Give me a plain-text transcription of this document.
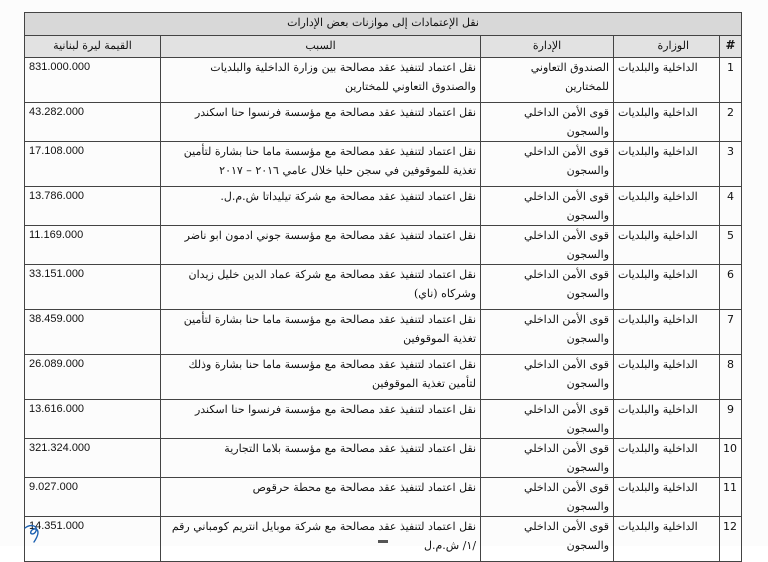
نقل الإعتمادات إلى موازنات بعض الإدارات				
#	الوزارة	الإدارة	السبب	القيمة ليرة لبنانية
1	الداخلية والبلديات	الصندوق التعاوني للمختارين	نقل اعتماد لتنفيذ عقد مصالحة بين وزارة الداخلية والبلديات والصندوق التعاوني للمختارين	831.000.000
2	الداخلية والبلديات	قوى الأمن الداخلي والسجون	نقل اعتماد لتنفيذ عقد مصالحة مع مؤسسة فرنسوا حنا اسكندر	43.282.000
3	الداخلية والبلديات	قوى الأمن الداخلي والسجون	نقل اعتماد لتنفيذ عقد مصالحة مع مؤسسة ماما حنا بشارة لتأمين تغذية للموقوفين في سجن حليا خلال عامي ٢٠١٦ – ٢٠١٧	17.108.000
4	الداخلية والبلديات	قوى الأمن الداخلي والسجون	نقل اعتماد لتنفيذ عقد مصالحة مع شركة تيليداتا ش.م.ل.	13.786.000
5	الداخلية والبلديات	قوى الأمن الداخلي والسجون	نقل اعتماد لتنفيذ عقد مصالحة مع مؤسسة جوني ادمون ابو ناضر	11.169.000
6	الداخلية والبلديات	قوى الأمن الداخلي والسجون	نقل اعتماد لتنفيذ عقد مصالحة مع شركة عماد الدين خليل زيدان وشركاه (ناي)	33.151.000
7	الداخلية والبلديات	قوى الأمن الداخلي والسجون	نقل اعتماد لتنفيذ عقد مصالحة مع مؤسسة ماما حنا بشارة لتأمين تغذية الموقوفين	38.459.000
8	الداخلية والبلديات	قوى الأمن الداخلي والسجون	نقل اعتماد لتنفيذ عقد مصالحة مع مؤسسة ماما حنا بشارة وذلك لتأمين تغذية الموقوفين	26.089.000
9	الداخلية والبلديات	قوى الأمن الداخلي والسجون	نقل اعتماد لتنفيذ عقد مصالحة مع مؤسسة فرنسوا حنا اسكندر	13.616.000
10	الداخلية والبلديات	قوى الأمن الداخلي والسجون	نقل اعتماد لتنفيذ عقد مصالحة مع مؤسسة بلاما التجارية	321.324.000
11	الداخلية والبلديات	قوى الأمن الداخلي والسجون	نقل اعتماد لتنفيذ عقد مصالحة مع محطة حرقوص	9.027.000
12	الداخلية والبلديات	قوى الأمن الداخلي والسجون	نقل اعتماد لتنفيذ عقد مصالحة مع شركة موبايل انتريم كومباني رقم /١/ ش.م.ل	14.351.000
